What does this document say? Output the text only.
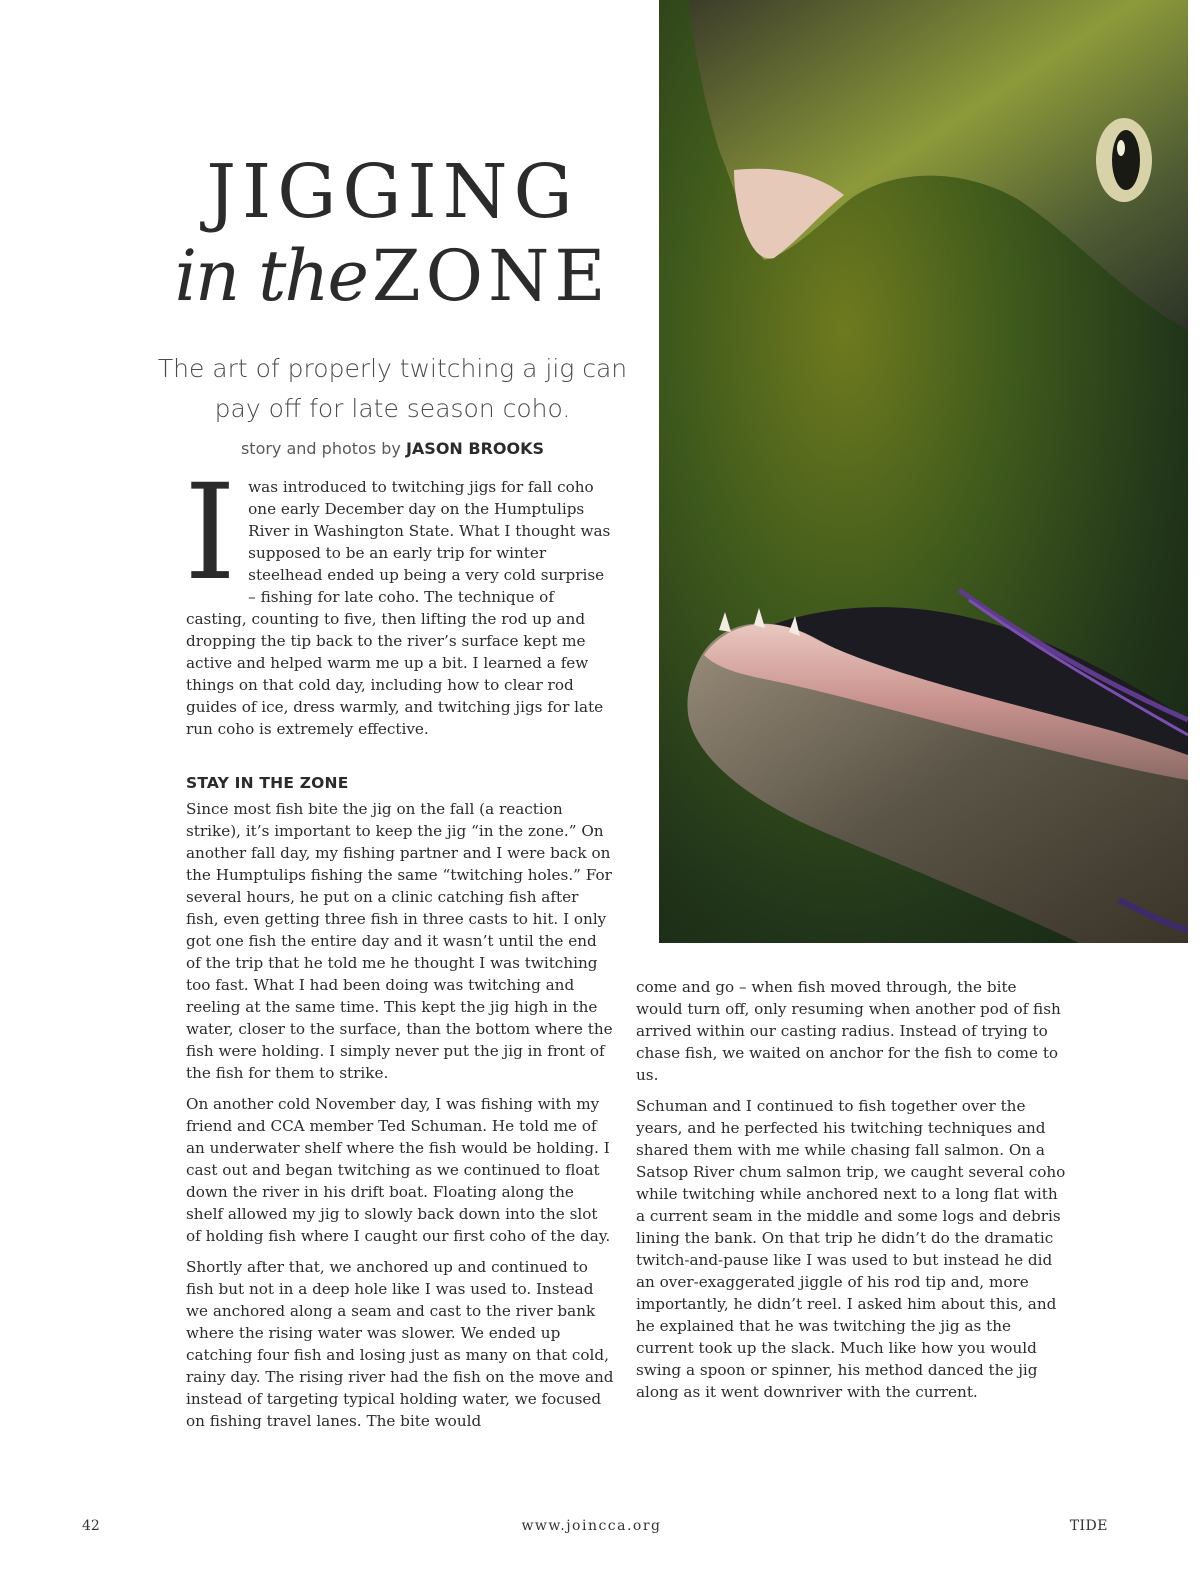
JIGGING

in the ZONE

The art of properly twitching a jig can pay off for late season coho.

story and photos by JASON BROOKS

I was introduced to twitching jigs for fall coho one early December day on the Humptulips River in Washington State. What I thought was supposed to be an early trip for winter steelhead ended up being a very cold surprise – fishing for late coho. The technique of casting, counting to five, then lifting the rod up and dropping the tip back to the river’s surface kept me active and helped warm me up a bit. I learned a few things on that cold day, including how to clear rod guides of ice, dress warmly, and twitching jigs for late run coho is extremely effective.

STAY IN THE ZONE

Since most fish bite the jig on the fall (a reaction strike), it’s important to keep the jig “in the zone.” On another fall day, my fishing partner and I were back on the Humptulips fishing the same “twitching holes.” For several hours, he put on a clinic catching fish after fish, even getting three fish in three casts to hit. I only got one fish the entire day and it wasn’t until the end of the trip that he told me he thought I was twitching too fast. What I had been doing was twitching and reeling at the same time. This kept the jig high in the water, closer to the surface, than the bottom where the fish were holding. I simply never put the jig in front of the fish for them to strike.

On another cold November day, I was fishing with my friend and CCA member Ted Schuman. He told me of an underwater shelf where the fish would be holding. I cast out and began twitching as we continued to float down the river in his drift boat. Floating along the shelf allowed my jig to slowly back down into the slot of holding fish where I caught our first coho of the day.

Shortly after that, we anchored up and continued to fish but not in a deep hole like I was used to. Instead we anchored along a seam and cast to the river bank where the rising water was slower. We ended up catching four fish and losing just as many on that cold, rainy day. The rising river had the fish on the move and instead of targeting typical holding water, we focused on fishing travel lanes. The bite would

come and go – when fish moved through, the bite would turn off, only resuming when another pod of fish arrived within our casting radius. Instead of trying to chase fish, we waited on anchor for the fish to come to us.

Schuman and I continued to fish together over the years, and he perfected his twitching techniques and shared them with me while chasing fall salmon. On a Satsop River chum salmon trip, we caught several coho while twitching while anchored next to a long flat with a current seam in the middle and some logs and debris lining the bank. On that trip he didn’t do the dramatic twitch-and-pause like I was used to but instead he did an over-exaggerated jiggle of his rod tip and, more importantly, he didn’t reel. I asked him about this, and he explained that he was twitching the jig as the current took up the slack. Much like how you would swing a spoon or spinner, his method danced the jig along as it went downriver with the current.

42	www.joincca.org	TIDE
